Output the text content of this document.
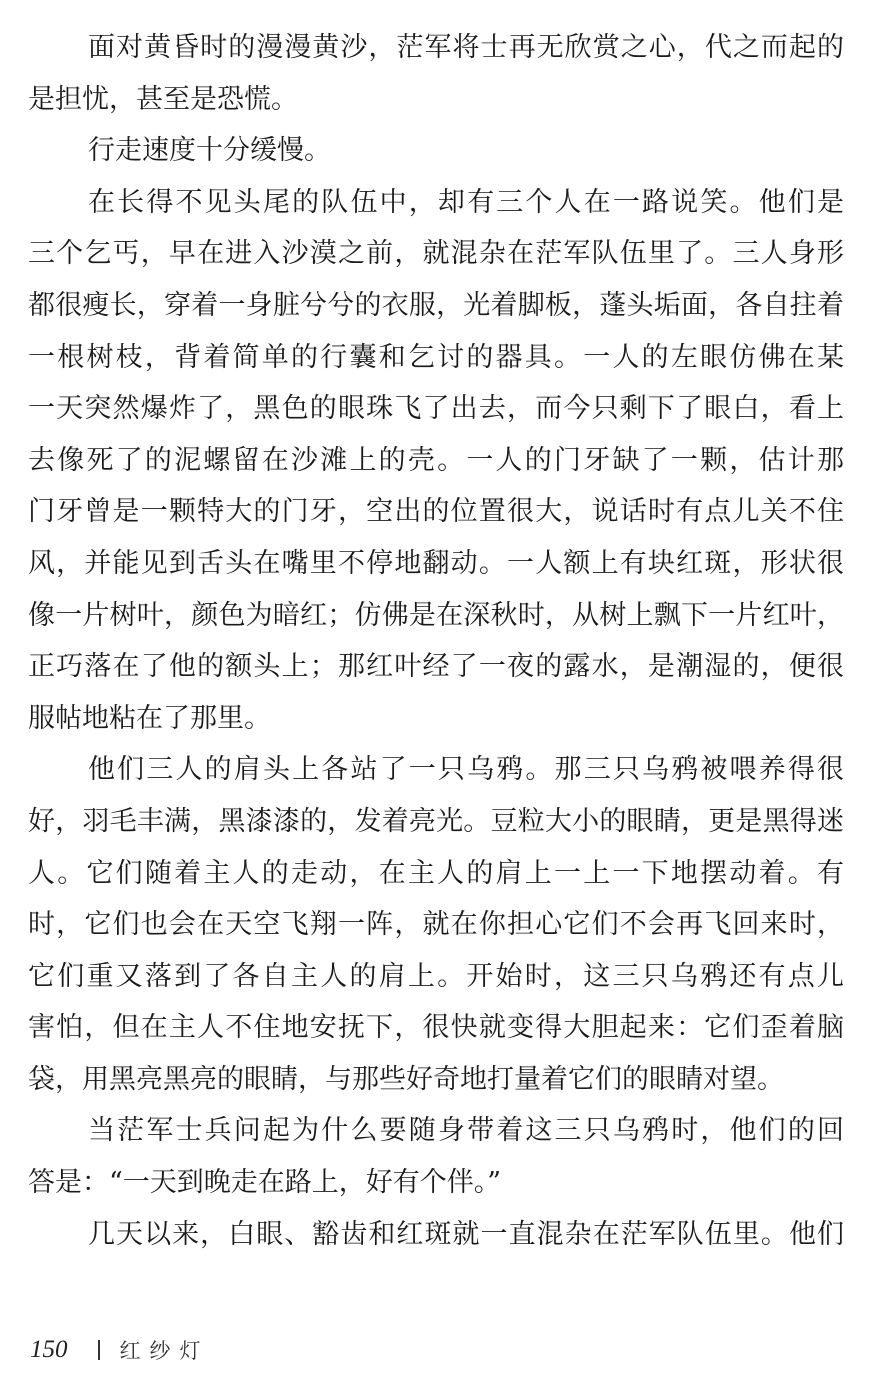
面对黄昏时的漫漫黄沙，茫军将士再无欣赏之心，代之而起的
是担忧，甚至是恐慌。
行走速度十分缓慢。
在长得不见头尾的队伍中，却有三个人在一路说笑。他们是
三个乞丐，早在进入沙漠之前，就混杂在茫军队伍里了。三人身形
都很瘦长，穿着一身脏兮兮的衣服，光着脚板，蓬头垢面，各自拄着
一根树枝，背着简单的行囊和乞讨的器具。一人的左眼仿佛在某
一天突然爆炸了，黑色的眼珠飞了出去，而今只剩下了眼白，看上
去像死了的泥螺留在沙滩上的壳。一人的门牙缺了一颗，估计那
门牙曾是一颗特大的门牙，空出的位置很大，说话时有点儿关不住
风，并能见到舌头在嘴里不停地翻动。一人额上有块红斑，形状很
像一片树叶，颜色为暗红；仿佛是在深秋时，从树上飘下一片红叶，
正巧落在了他的额头上；那红叶经了一夜的露水，是潮湿的，便很
服帖地粘在了那里。
他们三人的肩头上各站了一只乌鸦。那三只乌鸦被喂养得很
好，羽毛丰满，黑漆漆的，发着亮光。豆粒大小的眼睛，更是黑得迷
人。它们随着主人的走动，在主人的肩上一上一下地摆动着。有
时，它们也会在天空飞翔一阵，就在你担心它们不会再飞回来时，
它们重又落到了各自主人的肩上。开始时，这三只乌鸦还有点儿
害怕，但在主人不住地安抚下，很快就变得大胆起来：它们歪着脑
袋，用黑亮黑亮的眼睛，与那些好奇地打量着它们的眼睛对望。
当茫军士兵问起为什么要随身带着这三只乌鸦时，他们的回
答是：“一天到晚走在路上，好有个伴。”
几天以来，白眼、豁齿和红斑就一直混杂在茫军队伍里。他们
150 红纱灯
